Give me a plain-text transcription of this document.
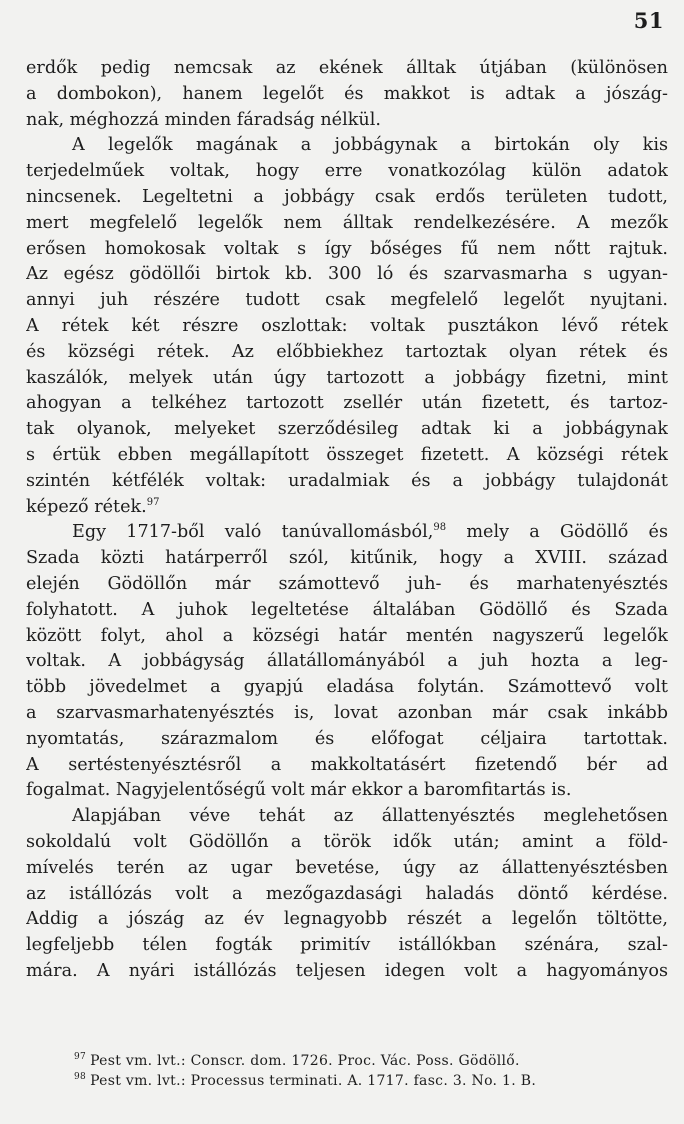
51
erdők pedig nemcsak az ekének álltak útjában (különösen
a dombokon), hanem legelőt és makkot is adtak a jószág-
nak, méghozzá minden fáradság nélkül.
A legelők magának a jobbágynak a birtokán oly kis
terjedelműek voltak, hogy erre vonatkozólag külön adatok
nincsenek. Legeltetni a jobbágy csak erdős területen tudott,
mert megfelelő legelők nem álltak rendelkezésére. A mezők
erősen homokosak voltak s így bőséges fű nem nőtt rajtuk.
Az egész gödöllői birtok kb. 300 ló és szarvasmarha s ugyan-
annyi juh részére tudott csak megfelelő legelőt nyujtani.
A rétek két részre oszlottak: voltak pusztákon lévő rétek
és községi rétek. Az előbbiekhez tartoztak olyan rétek és
kaszálók, melyek után úgy tartozott a jobbágy fizetni, mint
ahogyan a telkéhez tartozott zsellér után fizetett, és tartoz-
tak olyanok, melyeket szerződésileg adtak ki a jobbágynak
s értük ebben megállapított összeget fizetett. A községi rétek
szintén kétfélék voltak: uradalmiak és a jobbágy tulajdonát
képező rétek.$^{97}$
Egy 1717-ből való tanúvallomásból,$^{98}$ mely a Gödöllő és
Szada közti határperről szól, kitűnik, hogy a XVIII. század
elején Gödöllőn már számottevő juh- és marhatenyésztés
folyhatott. A juhok legeltetése általában Gödöllő és Szada
között folyt, ahol a községi határ mentén nagyszerű legelők
voltak. A jobbágyság állatállományából a juh hozta a leg-
több jövedelmet a gyapjú eladása folytán. Számottevő volt
a szarvasmarhatenyésztés is, lovat azonban már csak inkább
nyomtatás, szárazmalom és előfogat céljaira tartottak.
A sertéstenyésztésről a makkoltatásért fizetendő bér ad
fogalmat. Nagyjelentőségű volt már ekkor a baromfitartás is.
Alapjában véve tehát az állattenyésztés meglehetősen
sokoldalú volt Gödöllőn a török idők után; amint a föld-
mívelés terén az ugar bevetése, úgy az állattenyésztésben
az istállózás volt a mezőgazdasági haladás döntő kérdése.
Addig a jószág az év legnagyobb részét a legelőn töltötte,
legfeljebb télen fogták primitív istállókban szénára, szal-
mára. A nyári istállózás teljesen idegen volt a hagyományos
$^{97}$ Pest vm. lvt.: Conscr. dom. 1726. Proc. Vác. Poss. Gödöllő.
$^{98}$ Pest vm. lvt.: Processus terminati. A. 1717. fasc. 3. No. 1. B.
